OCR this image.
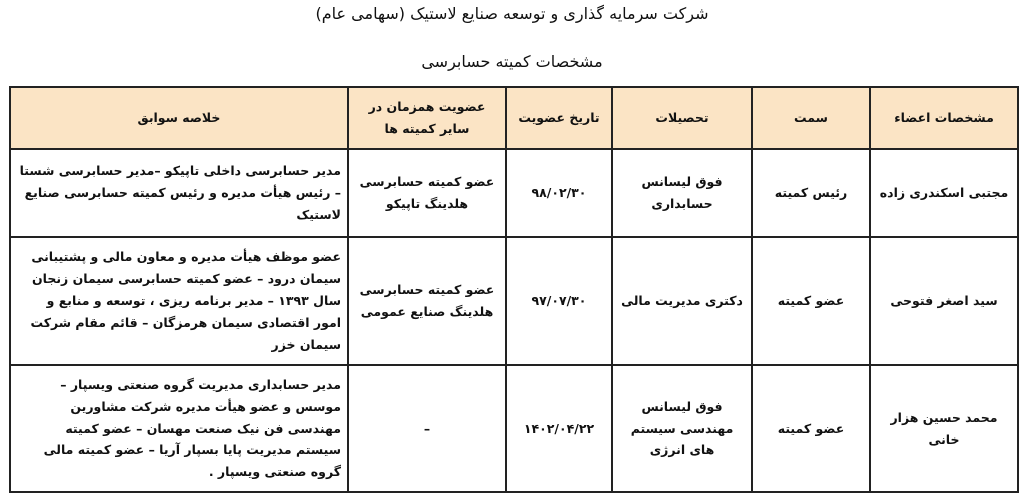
شرکت سرمایه گذاری و توسعه صنایع لاستیک (سهامی عام)
مشخصات کمیته حسابرسی
مشخصات اعضاء	سمت	تحصیلات	تاریخ عضویت	عضویت همزمان در سایر کمیته ها	خلاصه سوابق
مجتبی اسکندری زاده	رئیس کمیته	فوق لیسانس حسابداری	۹۸/۰۲/۳۰	عضو کمیته حسابرسی هلدینگ تاپیکو	مدیر حسابرسی داخلی تاپیکو –مدیر حسابرسی شستا – رئیس هیأت مدیره و رئیس کمیته حسابرسی صنایع لاستیک
سید اصغر فتوحی	عضو کمیته	دکتری مدیریت مالی	۹۷/۰۷/۳۰	عضو کمیته حسابرسی هلدینگ صنایع عمومی	عضو موظف هیأت مدیره و معاون مالی و پشتیبانی سیمان درود – عضو کمیته حسابرسی سیمان زنجان سال ۱۳۹۳ – مدیر برنامه ریزی ، توسعه و منابع و امور اقتصادی سیمان هرمزگان – قائم مقام شرکت سیمان خزر
محمد حسین هزار خانی	عضو کمیته	فوق لیسانس مهندسی سیستم های انرژی	۱۴۰۲/۰۴/۲۲	–	مدیر حسابداری مدیریت گروه صنعتی ویسپار – موسس و عضو هیأت مدیره شرکت مشاورین مهندسی فن نیک صنعت مهسان – عضو کمیته سیستم مدیریت پایا بسپار آریا – عضو کمیته مالی گروه صنعتی ویسپار .
